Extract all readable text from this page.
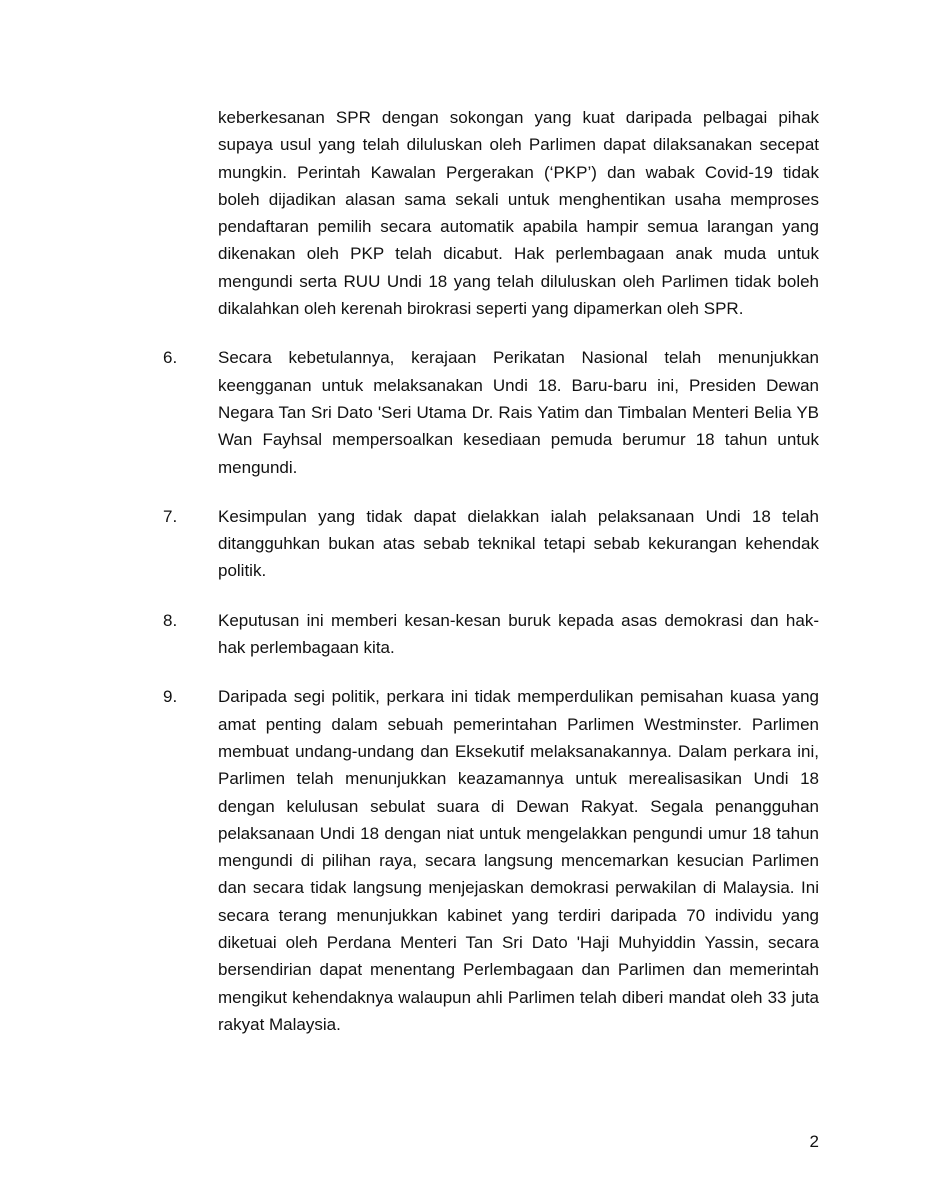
keberkesanan SPR dengan sokongan yang kuat daripada pelbagai pihak supaya usul yang telah diluluskan oleh Parlimen dapat dilaksanakan secepat mungkin. Perintah Kawalan Pergerakan (‘PKP’) dan wabak Covid-19 tidak boleh dijadikan alasan sama sekali untuk menghentikan usaha memproses pendaftaran pemilih secara automatik apabila hampir semua larangan yang dikenakan oleh PKP telah dicabut. Hak perlembagaan anak muda untuk mengundi serta RUU Undi 18 yang telah diluluskan oleh Parlimen tidak boleh dikalahkan oleh kerenah birokrasi seperti yang dipamerkan oleh SPR.
6.	Secara kebetulannya, kerajaan Perikatan Nasional telah menunjukkan keengganan untuk melaksanakan Undi 18. Baru-baru ini, Presiden Dewan Negara Tan Sri Dato 'Seri Utama Dr. Rais Yatim dan Timbalan Menteri Belia YB Wan Fayhsal mempersoalkan kesediaan pemuda berumur 18 tahun untuk mengundi.
7.	Kesimpulan yang tidak dapat dielakkan ialah pelaksanaan Undi 18 telah ditangguhkan bukan atas sebab teknikal tetapi sebab kekurangan kehendak politik.
8.	Keputusan ini memberi kesan-kesan buruk kepada asas demokrasi dan hak-hak perlembagaan kita.
9.	Daripada segi politik, perkara ini tidak memperdulikan pemisahan kuasa yang amat penting dalam sebuah pemerintahan Parlimen Westminster. Parlimen membuat undang-undang dan Eksekutif melaksanakannya. Dalam perkara ini, Parlimen telah menunjukkan keazamannya untuk merealisasikan Undi 18 dengan kelulusan sebulat suara di Dewan Rakyat. Segala penangguhan pelaksanaan Undi 18 dengan niat untuk mengelakkan pengundi umur 18 tahun mengundi di pilihan raya, secara langsung mencemarkan kesucian Parlimen dan secara tidak langsung menjejaskan demokrasi perwakilan di Malaysia. Ini secara terang menunjukkan kabinet yang terdiri daripada 70 individu yang diketuai oleh Perdana Menteri Tan Sri Dato 'Haji Muhyiddin Yassin, secara bersendirian dapat menentang Perlembagaan dan Parlimen dan memerintah mengikut kehendaknya walaupun ahli Parlimen telah diberi mandat oleh 33 juta rakyat Malaysia.
2
